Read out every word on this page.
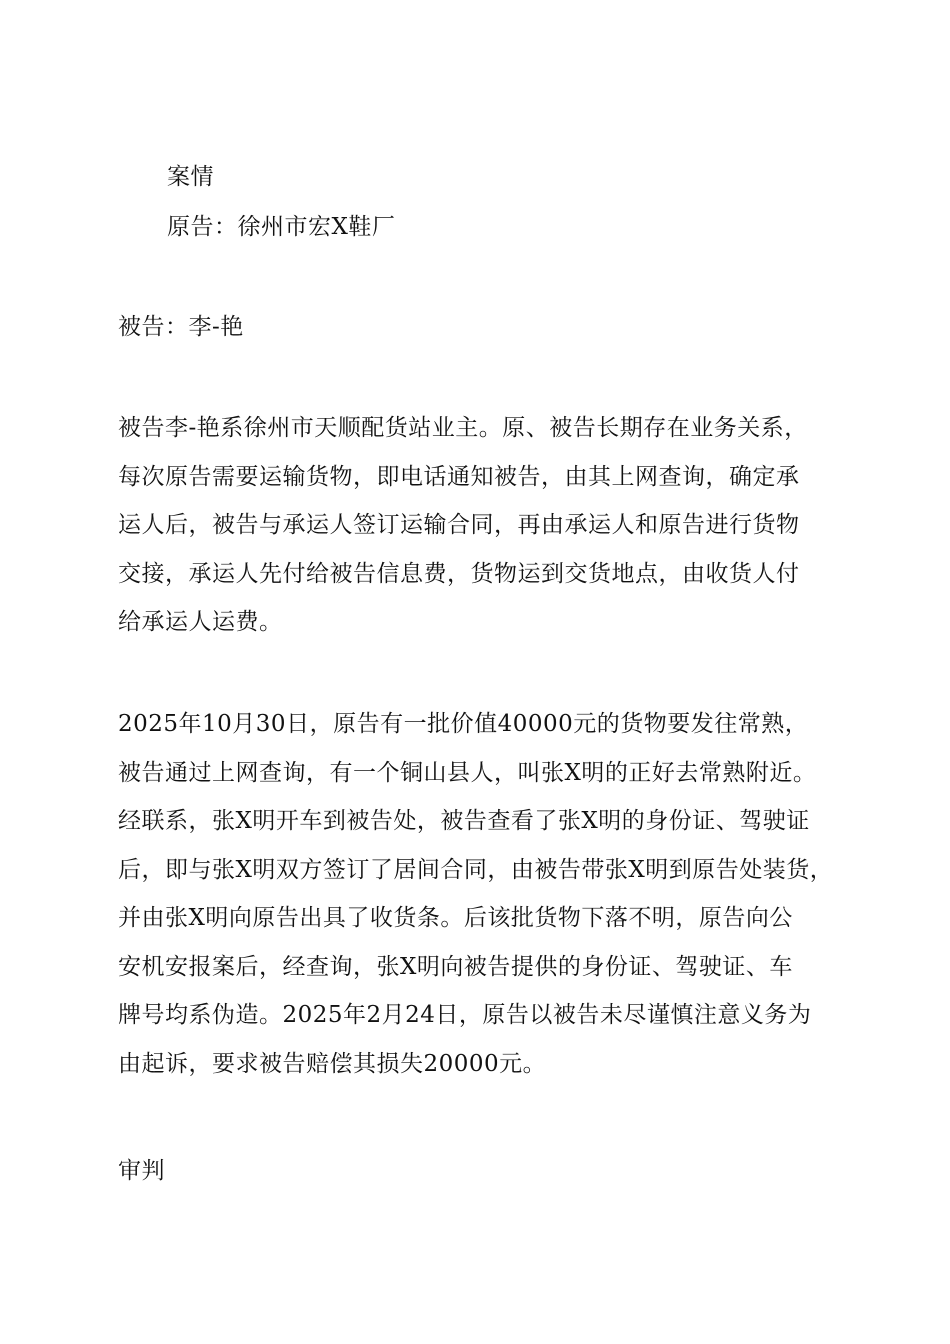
案情

原告：徐州市宏X鞋厂

被告：李-艳

被告李-艳系徐州市天顺配货站业主。原、被告长期存在业务关系，
每次原告需要运输货物，即电话通知被告，由其上网查询，确定承
运人后，被告与承运人签订运输合同，再由承运人和原告进行货物
交接，承运人先付给被告信息费，货物运到交货地点，由收货人付
给承运人运费。
2025年10月30日，原告有一批价值40000元的货物要发往常熟，
被告通过上网查询，有一个铜山县人，叫张X明的正好去常熟附近。
经联系，张X明开车到被告处，被告查看了张X明的身份证、驾驶证
后，即与张X明双方签订了居间合同，由被告带张X明到原告处装货，
并由张X明向原告出具了收货条。后该批货物下落不明，原告向公
安机安报案后，经查询，张X明向被告提供的身份证、驾驶证、车
牌号均系伪造。2025年2月24日，原告以被告未尽谨慎注意义务为
由起诉，要求被告赔偿其损失20000元。

审判
